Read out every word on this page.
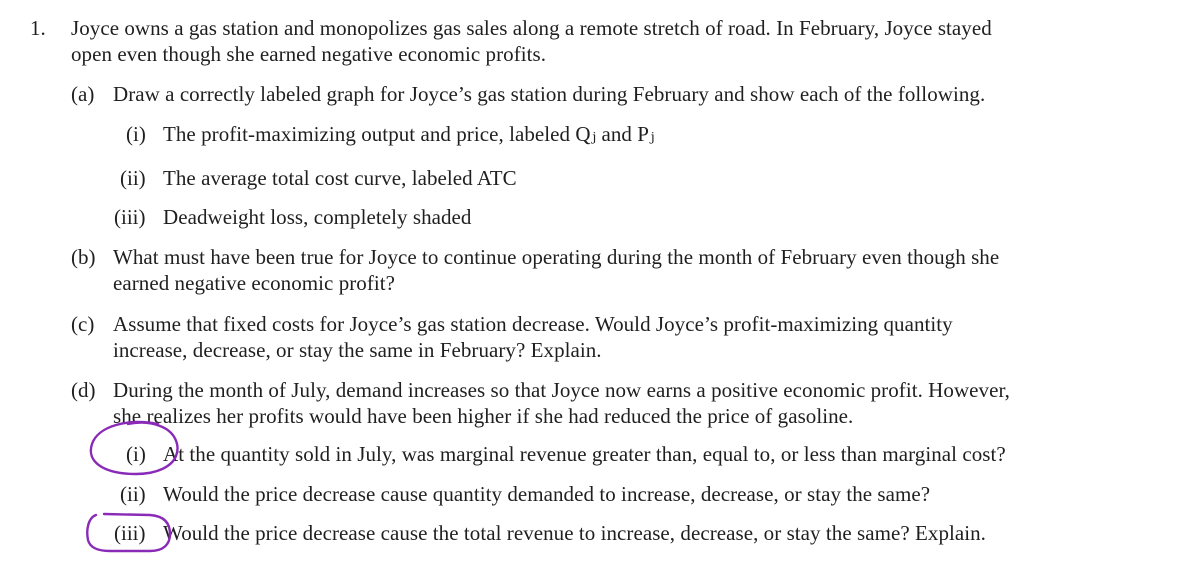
1. Joyce owns a gas station and monopolizes gas sales along a remote stretch of road. In February, Joyce stayed
open even though she earned negative economic profits.
(a) Draw a correctly labeled graph for Joyce’s gas station during February and show each of the following.
(i) The profit-maximizing output and price, labeled Qⱼ and Pⱼ
(ii) The average total cost curve, labeled ATC
(iii) Deadweight loss, completely shaded
(b) What must have been true for Joyce to continue operating during the month of February even though she
earned negative economic profit?
(c) Assume that fixed costs for Joyce’s gas station decrease. Would Joyce’s profit-maximizing quantity
increase, decrease, or stay the same in February? Explain.
(d) During the month of July, demand increases so that Joyce now earns a positive economic profit. However,
she realizes her profits would have been higher if she had reduced the price of gasoline.
(i) At the quantity sold in July, was marginal revenue greater than, equal to, or less than marginal cost?
(ii) Would the price decrease cause quantity demanded to increase, decrease, or stay the same?
(iii) Would the price decrease cause the total revenue to increase, decrease, or stay the same? Explain.
